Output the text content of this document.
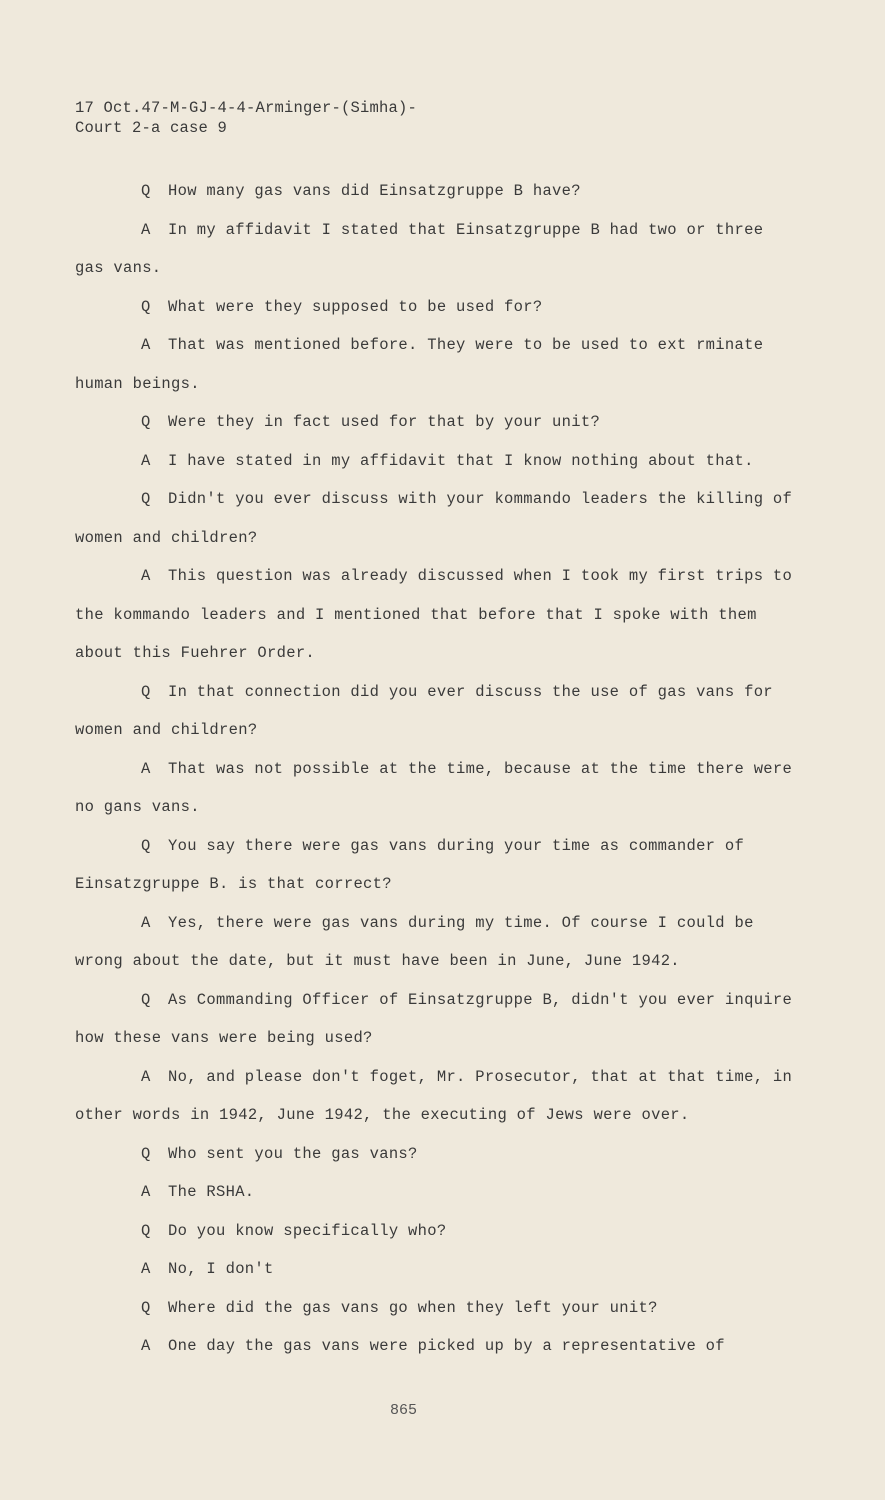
17 Oct.47-M-GJ-4-4-Arminger-(Simha)-
Court 2-a case 9

Q How many gas vans did Einsatzgruppe B have?

A In my affidavit I stated that Einsatzgruppe B had two or three gas vans.

Q What were they supposed to be used for?

A That was mentioned before. They were to be used to ext rminate human beings.

Q Were they in fact used for that by your unit?

A I have stated in my affidavit that I know nothing about that.

Q Didn't you ever discuss with your kommando leaders the killing of women and children?

A This question was already discussed when I took my first trips to the kommando leaders and I mentioned that before that I spoke with them about this Fuehrer Order.

Q In that connection did you ever discuss the use of gas vans for women and children?

A That was not possible at the time, because at the time there were no gans vans.

Q You say there were gas vans during your time as commander of Einsatzgruppe B. is that correct?

A Yes, there were gas vans during my time. Of course I could be wrong about the date, but it must have been in June, June 1942.

Q As Commanding Officer of Einsatzgruppe B, didn't you ever inquire how these vans were being used?

A No, and please don't foget, Mr. Prosecutor, that at that time, in other words in 1942, June 1942, the executing of Jews were over.

Q Who sent you the gas vans?

A The RSHA.

Q Do you know specifically who?

A No, I don't

Q Where did the gas vans go when they left your unit?

A One day the gas vans were picked up by a representative of

865
